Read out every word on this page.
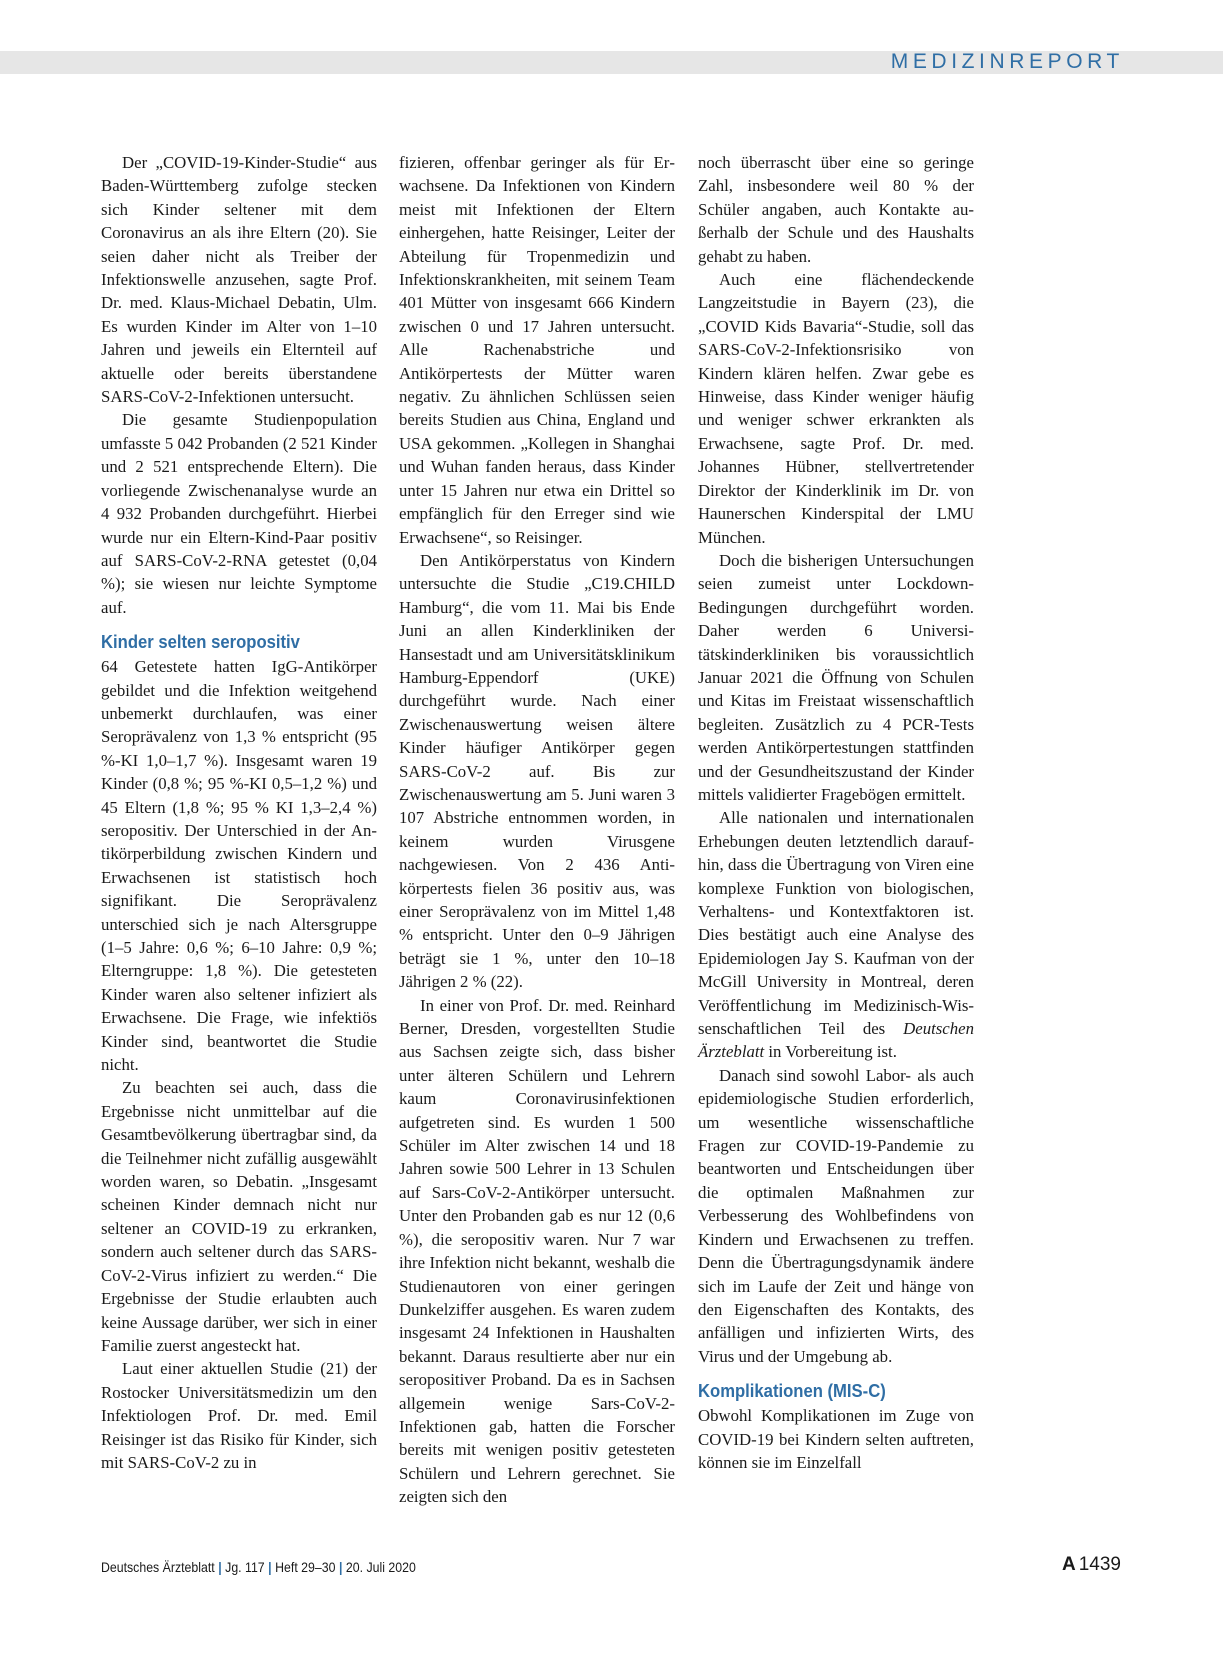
MEDIZINREPORT

Der „COVID-19-Kinder-Studie“ aus Baden-Württemberg zufolge stecken sich Kinder seltener mit dem Coronavirus an als ihre Eltern (20). Sie seien daher nicht als Treiber der Infektionswelle anzusehen, sagte Prof. Dr. med. Klaus-Michael Debatin, Ulm. Es wurden Kinder im Alter von 1–10 Jahren und jeweils ein Elternteil auf aktuelle oder bereits überstandene SARS-CoV-2-Infektionen untersucht.

Die gesamte Studienpopulation umfasste 5 042 Probanden (2 521 Kinder und 2 521 entsprechende Eltern). Die vorliegende Zwischenanalyse wurde an 4 932 Probanden durchgeführt. Hierbei wurde nur ein Eltern-Kind-Paar positiv auf SARS-CoV-2-RNA getestet (0,04 %); sie wiesen nur leichte Symptome auf.

Kinder selten seropositiv

64 Getestete hatten IgG-Antikörper gebildet und die Infektion weitgehend unbemerkt durchlaufen, was einer Seroprävalenz von 1,3 % entspricht (95 %-KI 1,0–1,7 %). Insgesamt waren 19 Kinder (0,8 %; 95 %-KI 0,5–1,2 %) und 45 Eltern (1,8 %; 95 % KI 1,3–2,4 %) seropositiv. Der Unterschied in der Antikörperbildung zwischen Kindern und Erwachsenen ist statistisch hoch signifikant. Die Seroprävalenz unterschied sich je nach Altersgruppe (1–5 Jahre: 0,6 %; 6–10 Jahre: 0,9 %; Elterngruppe: 1,8 %). Die getesteten Kinder waren also seltener infiziert als Erwachsene. Die Frage, wie infektiös Kinder sind, beantwortet die Studie nicht.

Zu beachten sei auch, dass die Ergebnisse nicht unmittelbar auf die Gesamtbevölkerung übertragbar sind, da die Teilnehmer nicht zufällig ausgewählt worden waren, so Debatin. „Insgesamt scheinen Kinder demnach nicht nur seltener an COVID-19 zu erkranken, sondern auch seltener durch das SARS-CoV-2-Virus infiziert zu werden.“ Die Ergebnisse der Studie erlaubten auch keine Aussage darüber, wer sich in einer Familie zuerst angesteckt hat.

Laut einer aktuellen Studie (21) der Rostocker Universitätsmedizin um den Infektiologen Prof. Dr. med. Emil Reisinger ist das Risiko für Kinder, sich mit SARS-CoV-2 zu in

fizieren, offenbar geringer als für Erwachsene. Da Infektionen von Kindern meist mit Infektionen der Eltern einhergehen, hatte Reisinger, Leiter der Abteilung für Tropenmedizin und Infektionskrankheiten, mit seinem Team 401 Mütter von insgesamt 666 Kindern zwischen 0 und 17 Jahren untersucht. Alle Rachenabstriche und Antikörpertests der Mütter waren negativ. Zu ähnlichen Schlüssen seien bereits Studien aus China, England und USA gekommen. „Kollegen in Shanghai und Wuhan fanden heraus, dass Kinder unter 15 Jahren nur etwa ein Drittel so empfänglich für den Erreger sind wie Erwachsene“, so Reisinger.

Den Antikörperstatus von Kindern untersuchte die Studie „C19.CHILD Hamburg“, die vom 11. Mai bis Ende Juni an allen Kinderkliniken der Hansestadt und am Universitätsklinikum Hamburg-Eppendorf (UKE) durchgeführt wurde. Nach einer Zwischenauswertung weisen ältere Kinder häufiger Antikörper gegen SARS-CoV-2 auf. Bis zur Zwischenauswertung am 5. Juni waren 3 107 Abstriche entnommen worden, in keinem wurden Virusgene nachgewiesen. Von 2 436 Antikörpertests fielen 36 positiv aus, was einer Seroprävalenz von im Mittel 1,48 % entspricht. Unter den 0–9 Jährigen beträgt sie 1 %, unter den 10–18 Jährigen 2 % (22).

In einer von Prof. Dr. med. Reinhard Berner, Dresden, vorgestellten Studie aus Sachsen zeigte sich, dass bisher unter älteren Schülern und Lehrern kaum Coronavirusinfektionen aufgetreten sind. Es wurden 1 500 Schüler im Alter zwischen 14 und 18 Jahren sowie 500 Lehrer in 13 Schulen auf Sars-CoV-2-Antikörper untersucht. Unter den Probanden gab es nur 12 (0,6 %), die seropositiv waren. Nur 7 war ihre Infektion nicht bekannt, weshalb die Studienautoren von einer geringen Dunkelziffer ausgehen. Es waren zudem insgesamt 24 Infektionen in Haushalten bekannt. Daraus resultierte aber nur ein seropositiver Proband. Da es in Sachsen allgemein wenige Sars-CoV-2-Infektionen gab, hatten die Forscher bereits mit wenigen positiv getesteten Schülern und Lehrern gerechnet. Sie zeigten sich den

noch überrascht über eine so geringe Zahl, insbesondere weil 80 % der Schüler angaben, auch Kontakte außerhalb der Schule und des Haushalts gehabt zu haben.

Auch eine flächendeckende Langzeitstudie in Bayern (23), die „COVID Kids Bavaria“-Studie, soll das SARS-CoV-2-Infektionsrisiko von Kindern klären helfen. Zwar gebe es Hinweise, dass Kinder weniger häufig und weniger schwer erkrankten als Erwachsene, sagte Prof. Dr. med. Johannes Hübner, stellvertretender Direktor der Kinderklinik im Dr. von Haunerschen Kinderspital der LMU München.

Doch die bisherigen Untersuchungen seien zumeist unter Lockdown-Bedingungen durchgeführt worden. Daher werden 6 Universitätskinderkliniken bis voraussichtlich Januar 2021 die Öffnung von Schulen und Kitas im Freistaat wissenschaftlich begleiten. Zusätzlich zu 4 PCR-Tests werden Antikörpertestungen stattfinden und der Gesundheitszustand der Kinder mittels validierter Fragebögen ermittelt.

Alle nationalen und internationalen Erhebungen deuten letztendlich daraufhin, dass die Übertragung von Viren eine komplexe Funktion von biologischen, Verhaltens- und Kontextfaktoren ist. Dies bestätigt auch eine Analyse des Epidemiologen Jay S. Kaufman von der McGill University in Montreal, deren Veröffentlichung im Medizinisch-Wissenschaftlichen Teil des Deutschen Ärzteblatt in Vorbereitung ist.

Danach sind sowohl Labor- als auch epidemiologische Studien erforderlich, um wesentliche wissenschaftliche Fragen zur COVID-19-Pandemie zu beantworten und Entscheidungen über die optimalen Maßnahmen zur Verbesserung des Wohlbefindens von Kindern und Erwachsenen zu treffen. Denn die Übertragungsdynamik ändere sich im Laufe der Zeit und hänge von den Eigenschaften des Kontakts, des anfälligen und infizierten Wirts, des Virus und der Umgebung ab.

Komplikationen (MIS-C)

Obwohl Komplikationen im Zuge von COVID-19 bei Kindern selten auftreten, können sie im Einzelfall

Deutsches Ärzteblatt | Jg. 117 | Heft 29–30 | 20. Juli 2020	A 1439
